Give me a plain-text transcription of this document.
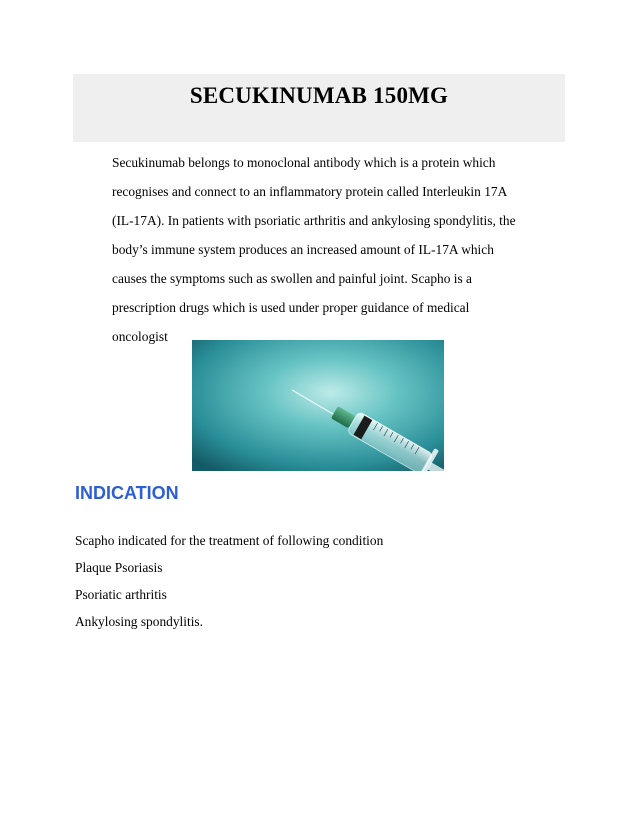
SECUKINUMAB 150MG
Secukinumab belongs to monoclonal antibody which is a protein which
recognises and connect to an inflammatory protein called Interleukin 17A
(IL-17A). In patients with psoriatic arthritis and ankylosing spondylitis, the
body’s immune system produces an increased amount of IL-17A which
causes the symptoms such as swollen and painful joint. Scapho is a
prescription drugs which is used under proper guidance of medical
oncologist
INDICATION
Scapho indicated for the treatment of following condition
Plaque Psoriasis
Psoriatic arthritis
Ankylosing spondylitis.
